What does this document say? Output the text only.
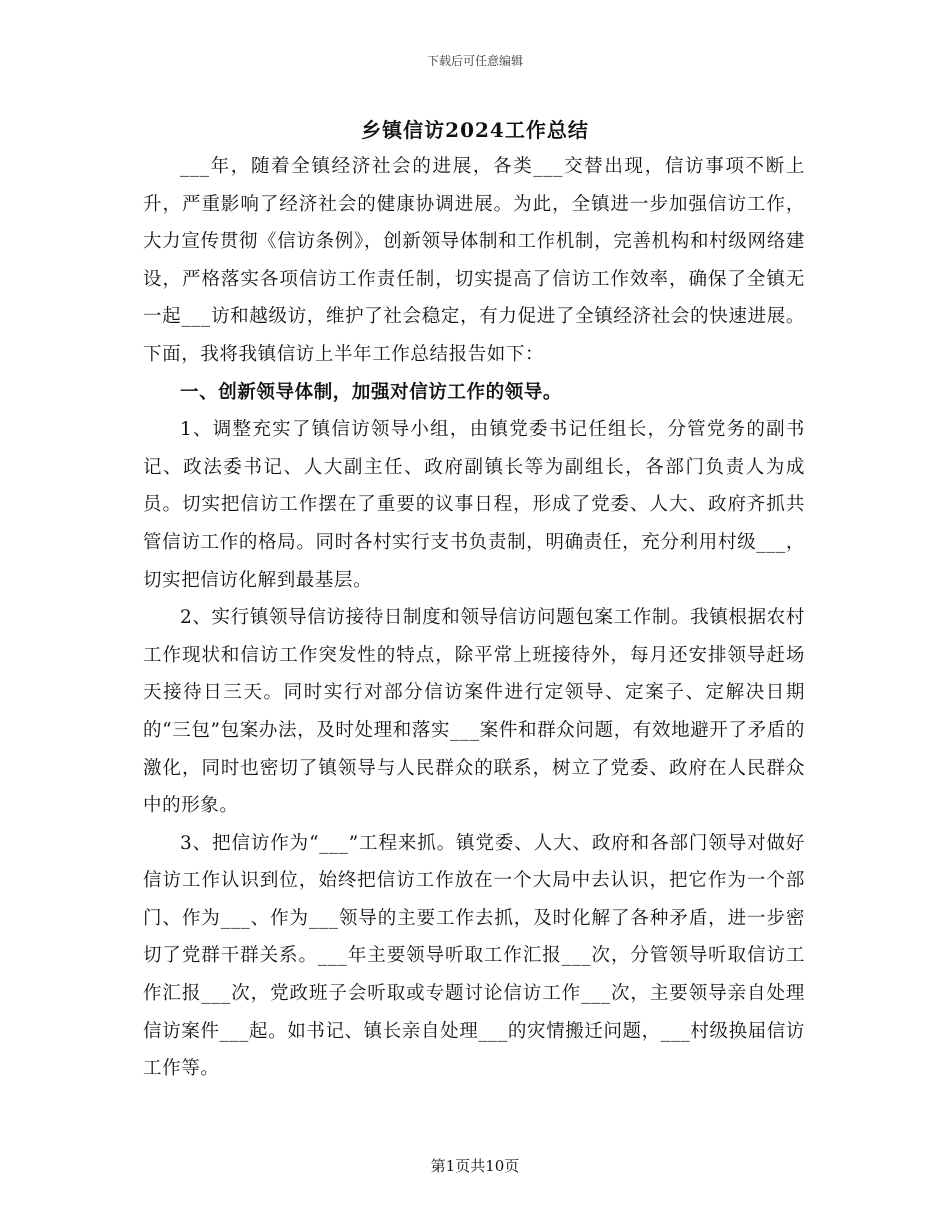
下载后可任意编辑
乡镇信访2024工作总结

___年，随着全镇经济社会的进展，各类___交替出现，信访事项不断上升，严重影响了经济社会的健康协调进展。为此，全镇进一步加强信访工作，大力宣传贯彻《信访条例》，创新领导体制和工作机制，完善机构和村级网络建设，严格落实各项信访工作责任制，切实提高了信访工作效率，确保了全镇无一起___访和越级访，维护了社会稳定，有力促进了全镇经济社会的快速进展。下面，我将我镇信访上半年工作总结报告如下：

一、创新领导体制，加强对信访工作的领导。

1、调整充实了镇信访领导小组，由镇党委书记任组长，分管党务的副书记、政法委书记、人大副主任、政府副镇长等为副组长，各部门负责人为成员。切实把信访工作摆在了重要的议事日程，形成了党委、人大、政府齐抓共管信访工作的格局。同时各村实行支书负责制，明确责任，充分利用村级___，切实把信访化解到最基层。

2、实行镇领导信访接待日制度和领导信访问题包案工作制。我镇根据农村工作现状和信访工作突发性的特点，除平常上班接待外，每月还安排领导赶场天接待日三天。同时实行对部分信访案件进行定领导、定案子、定解决日期的“三包”包案办法，及时处理和落实___案件和群众问题，有效地避开了矛盾的激化，同时也密切了镇领导与人民群众的联系，树立了党委、政府在人民群众中的形象。

3、把信访作为“___”工程来抓。镇党委、人大、政府和各部门领导对做好信访工作认识到位，始终把信访工作放在一个大局中去认识，把它作为一个部门、作为___、作为___领导的主要工作去抓，及时化解了各种矛盾，进一步密切了党群干群关系。___年主要领导听取工作汇报___次，分管领导听取信访工作汇报___次，党政班子会听取或专题讨论信访工作___次，主要领导亲自处理信访案件___起。如书记、镇长亲自处理___的灾情搬迁问题，___村级换届信访工作等。

第1页共10页
